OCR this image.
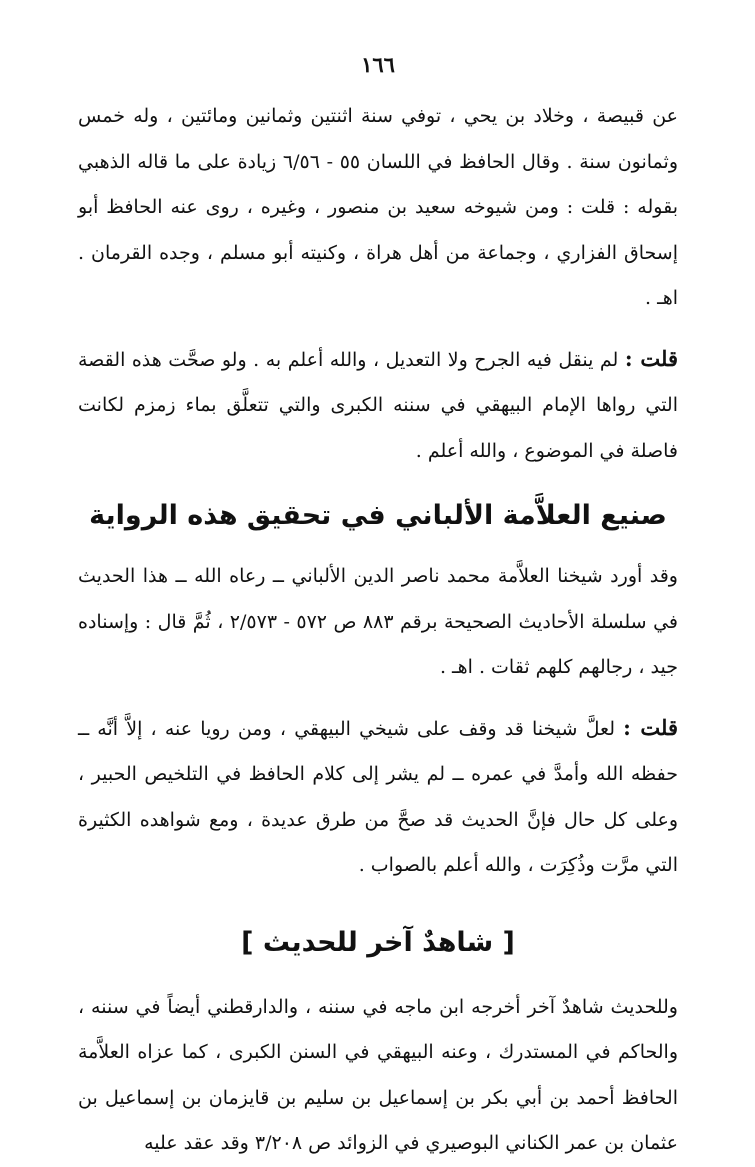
١٦٦

عن قبيصة ، وخلاد بن يحي ، توفي سنة اثنتين وثمانين ومائتين ، وله خمس وثمانون سنة . وقال الحافظ في اللسان ٥٥ - ٦/٥٦ زيادة على ما قاله الذهبي بقوله : قلت : ومن شيوخه سعيد بن منصور ، وغيره ، روى عنه الحافظ أبو إسحاق الفزاري ، وجماعة من أهل هراة ، وكنيته أبو مسلم ، وجده القرمان . اهـ .

قلت : لم ينقل فيه الجرح ولا التعديل ، والله أعلم به . ولو صحَّت هذه القصة التي رواها الإمام البيهقي في سننه الكبرى والتي تتعلَّق بماء زمزم لكانت فاصلة في الموضوع ، والله أعلم .

صنيع العلاَّمة الألباني في تحقيق هذه الرواية

وقد أورد شيخنا العلاَّمة محمد ناصر الدين الألباني ــ رعاه الله ــ هذا الحديث في سلسلة الأحاديث الصحيحة برقم ٨٨٣ ص ٥٧٢ - ٢/٥٧٣ ، ثُمَّ قال : وإسناده جيد ، رجالهم كلهم ثقات . اهـ .

قلت : لعلَّ شيخنا قد وقف على شيخي البيهقي ، ومن رويا عنه ، إلاَّ أنَّه ــ حفظه الله وأمدَّ في عمره ــ لم يشر إلى كلام الحافظ في التلخيص الحبير ، وعلى كل حال فإنَّ الحديث قد صحَّ من طرق عديدة ، ومع شواهده الكثيرة التي مرَّت وذُكِرَت ، والله أعلم بالصواب .

[ شاهدٌ آخر للحديث ]

وللحديث شاهدٌ آخر أخرجه ابن ماجه في سننه ، والدارقطني أيضاً في سننه ، والحاكم في المستدرك ، وعنه البيهقي في السنن الكبرى ، كما عزاه العلاَّمة الحافظ أحمد بن أبي بكر بن إسماعيل بن سليم بن قايزمان بن إسماعيل بن عثمان بن عمر الكناني البوصيري في الزوائد ص ٣/٢٠٨ وقد عقد عليه
